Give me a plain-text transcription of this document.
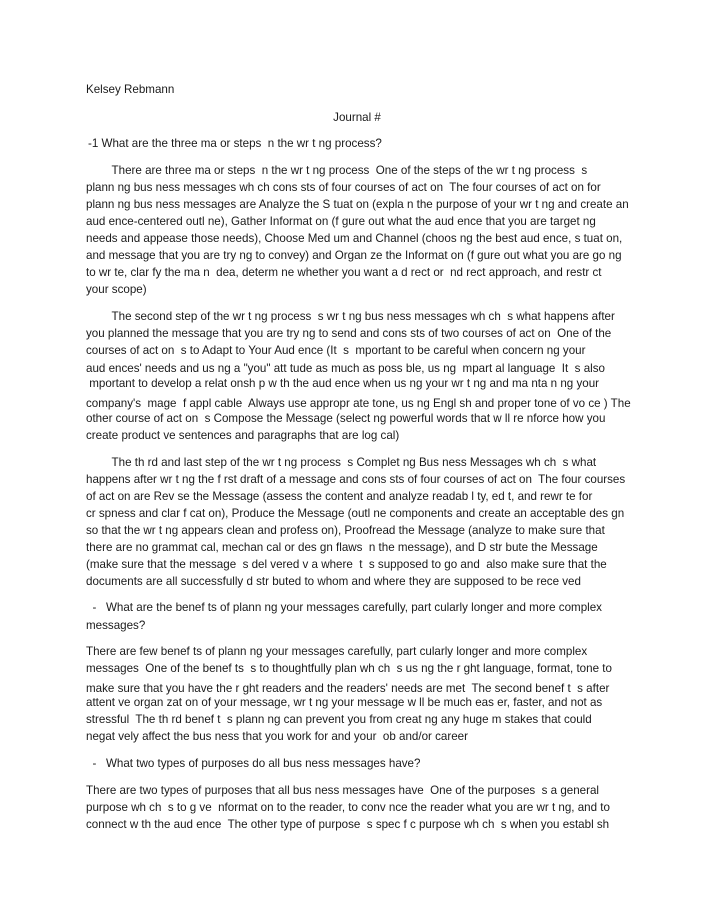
Kelsey Rebmann
Journal #
-1 What are the three ma or steps  n the wr t ng process?
There are three ma or steps  n the wr t ng process  One of the steps of the wr t ng process  s
plann ng bus ness messages wh ch cons sts of four courses of act on  The four courses of act on for
plann ng bus ness messages are Analyze the S tuat on (expla n the purpose of your wr t ng and create an
aud ence-centered outl ne), Gather Informat on (f gure out what the aud ence that you are target ng
needs and appease those needs), Choose Med um and Channel (choos ng the best aud ence, s tuat on,
and message that you are try ng to convey) and Organ ze the Informat on (f gure out what you are go ng
to wr te, clar fy the ma n  dea, determ ne whether you want a d rect or  nd rect approach, and restr ct
your scope)
The second step of the wr t ng process  s wr t ng bus ness messages wh ch  s what happens after
you planned the message that you are try ng to send and cons sts of two courses of act on  One of the
courses of act on  s to Adapt to Your Aud ence (It  s  mportant to be careful when concern ng your
aud ences' needs and us ng a "you" att tude as much as poss ble, us ng  mpart al language  It  s also
mportant to develop a relat onsh p w th the aud ence when us ng your wr t ng and ma nta n ng your
company's  mage  f appl cable  Always use appropr ate tone, us ng Engl sh and proper tone of vo ce ) The
other course of act on  s Compose the Message (select ng powerful words that w ll re nforce how you
create product ve sentences and paragraphs that are log cal)
The th rd and last step of the wr t ng process  s Complet ng Bus ness Messages wh ch  s what
happens after wr t ng the f rst draft of a message and cons sts of four courses of act on  The four courses
of act on are Rev se the Message (assess the content and analyze readab l ty, ed t, and rewr te for
cr spness and clar f cat on), Produce the Message (outl ne components and create an acceptable des gn
so that the wr t ng appears clean and profess on), Proofread the Message (analyze to make sure that
there are no grammat cal, mechan cal or des gn flaws  n the message), and D str bute the Message
(make sure that the message  s del vered v a where  t  s supposed to go and  also make sure that the
documents are all successfully d str buted to whom and where they are supposed to be rece ved
-   What are the benef ts of plann ng your messages carefully, part cularly longer and more complex
messages?
There are few benef ts of plann ng your messages carefully, part cularly longer and more complex
messages  One of the benef ts  s to thoughtfully plan wh ch  s us ng the r ght language, format, tone to
make sure that you have the r ght readers and the readers' needs are met  The second benef t  s after
attent ve organ zat on of your message, wr t ng your message w ll be much eas er, faster, and not as
stressful  The th rd benef t  s plann ng can prevent you from creat ng any huge m stakes that could
negat vely affect the bus ness that you work for and your  ob and/or career
-   What two types of purposes do all bus ness messages have?
There are two types of purposes that all bus ness messages have  One of the purposes  s a general
purpose wh ch  s to g ve  nformat on to the reader, to conv nce the reader what you are wr t ng, and to
connect w th the aud ence  The other type of purpose  s spec f c purpose wh ch  s when you establ sh
